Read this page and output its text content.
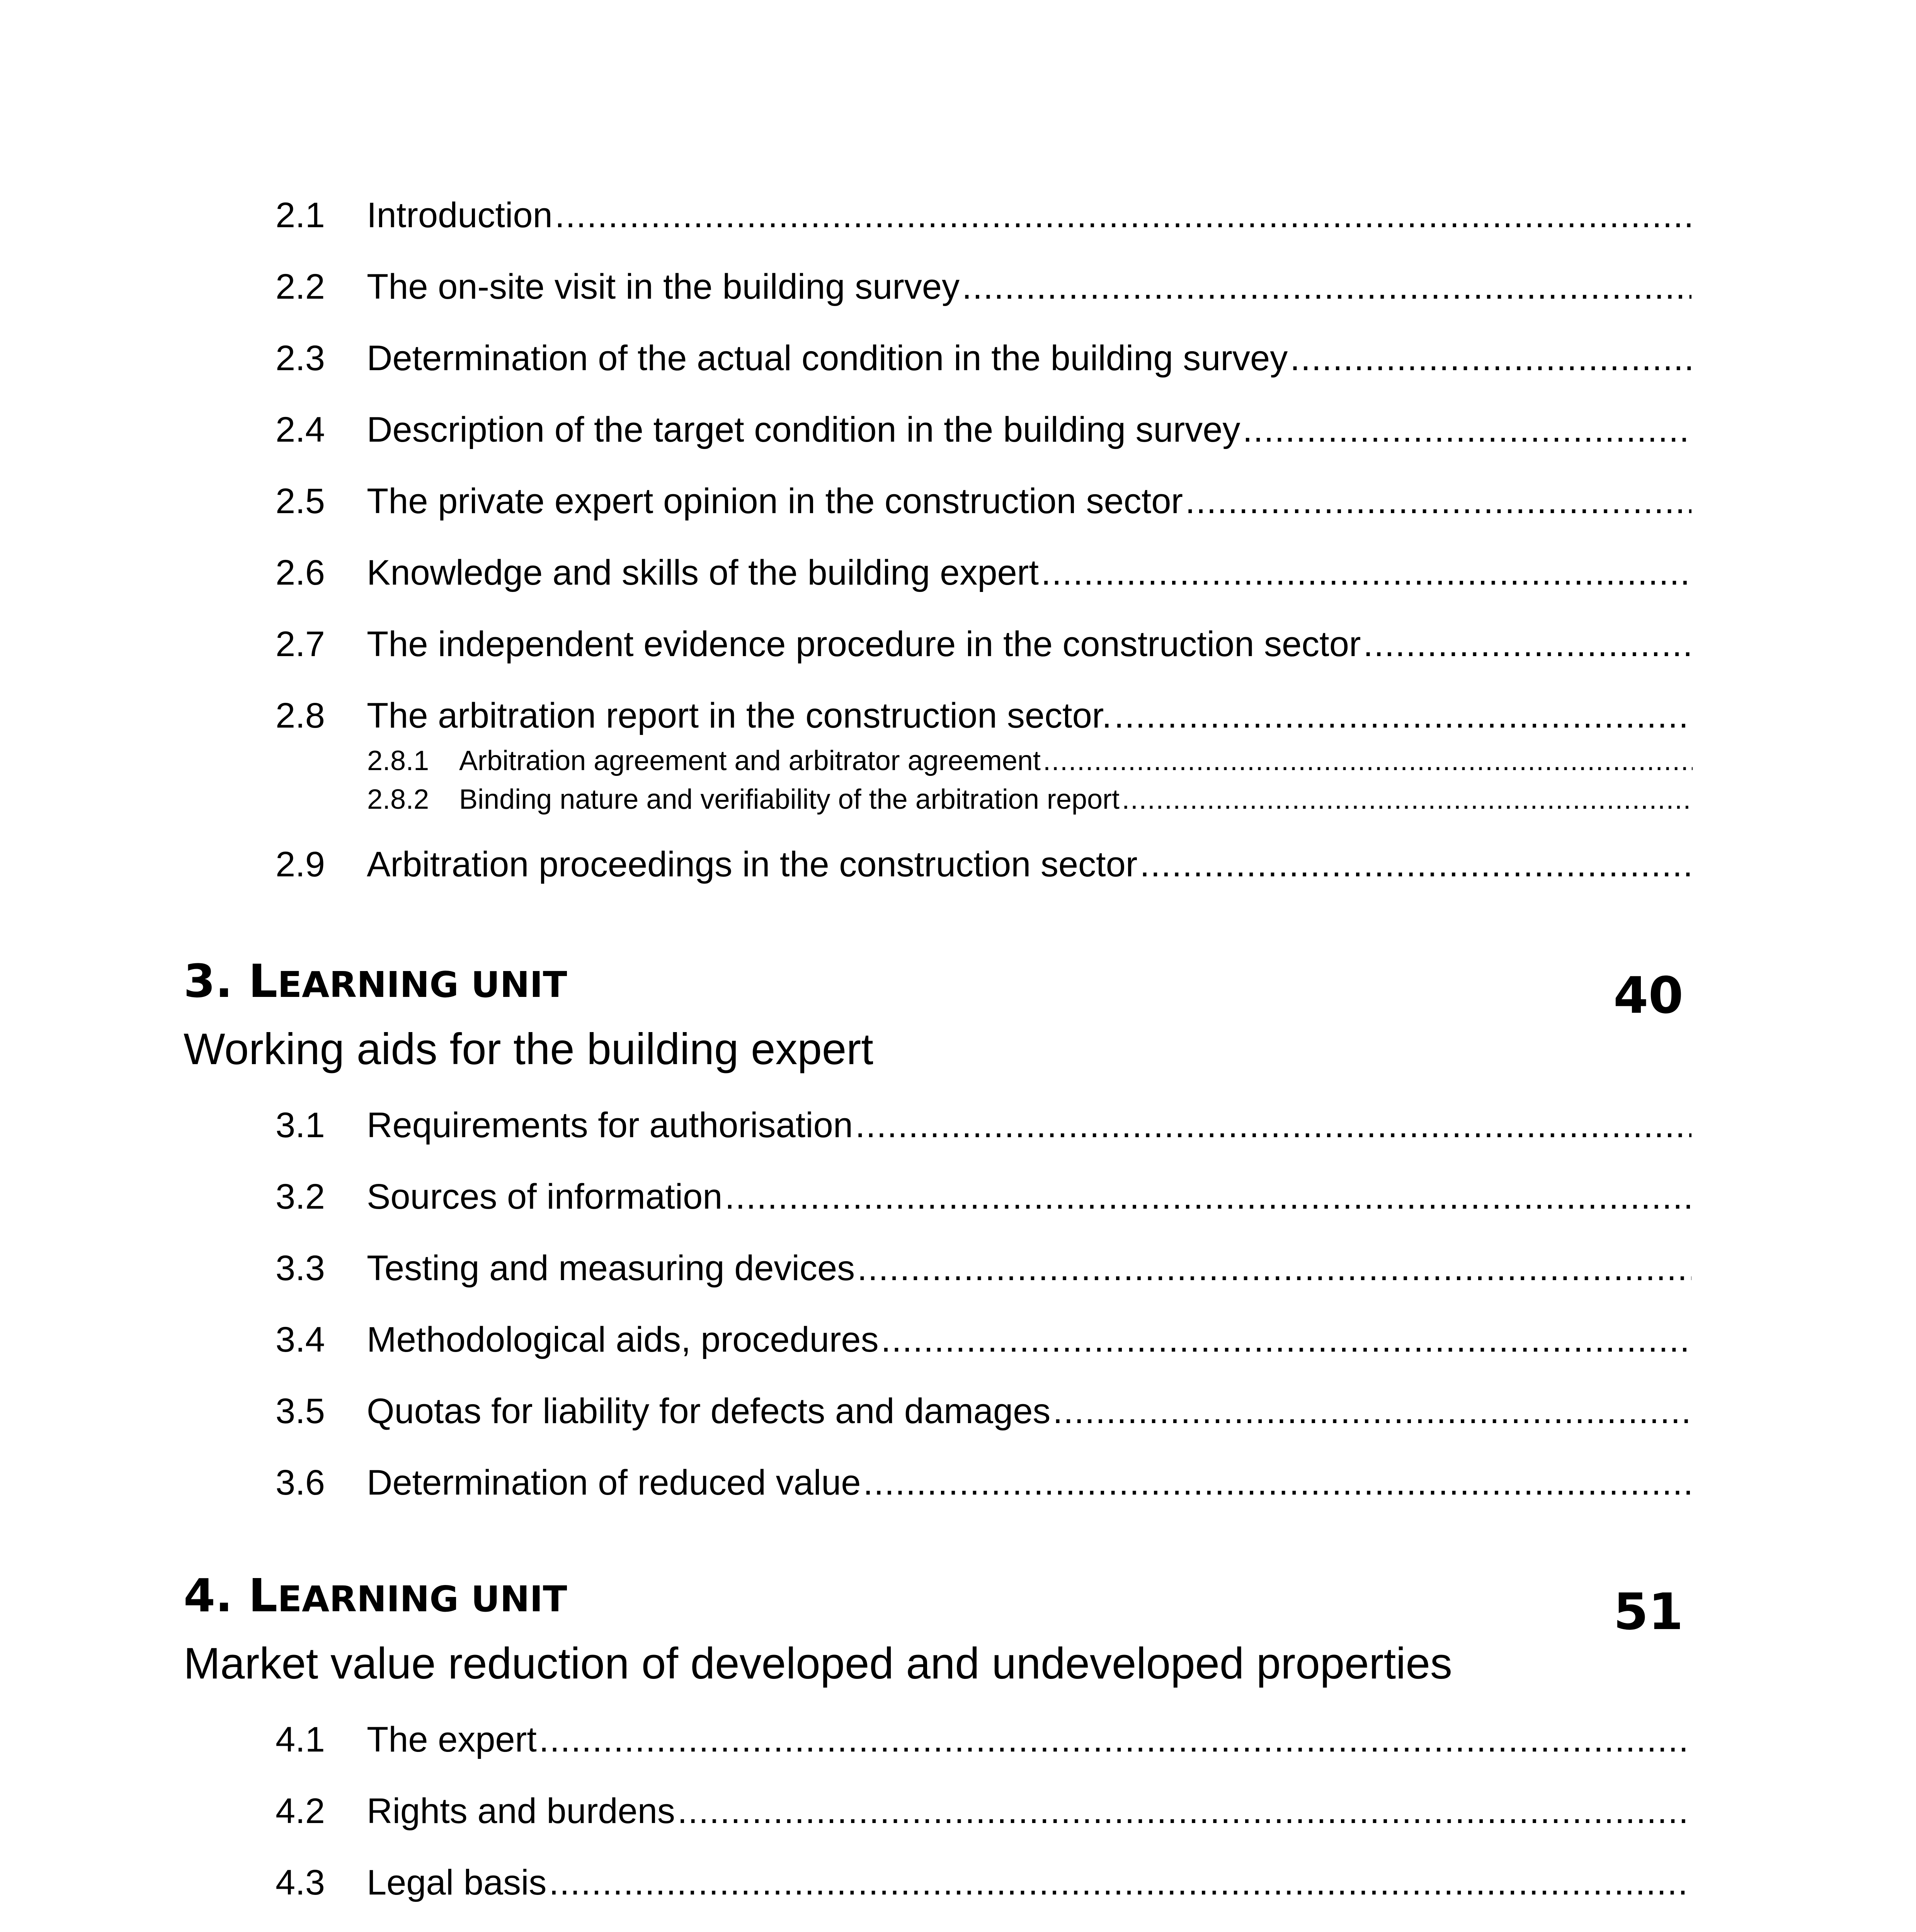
2.1	Introduction
.....
2.2	The on-site visit in the building survey
.....
2.3	Determination of the actual condition in the building survey
.....
2.4	Description of the target condition in the building survey
.....
2.5	The private expert opinion in the construction sector
.....
2.6	Knowledge and skills of the building expert
.....
2.7	The independent evidence procedure in the construction sector
.....
2.8	The arbitration report in the construction sector.
.....
2.8.1	Arbitration agreement and arbitrator agreement
.....
2.8.2	Binding nature and verifiability of the arbitration report
.....
2.9	Arbitration proceedings in the construction sector
.....
3. LEARNING UNIT	40
Working aids for the building expert
3.1	Requirements for authorisation
.....
3.2	Sources of information
.....
3.3	Testing and measuring devices
.....
3.4	Methodological aids, procedures
.....
3.5	Quotas for liability for defects and damages
.....
3.6	Determination of reduced value
.....
4. LEARNING UNIT	51
Market value reduction of developed and undeveloped properties
4.1	The expert
.....
4.2	Rights and burdens
.....
4.3	Legal basis
.....
